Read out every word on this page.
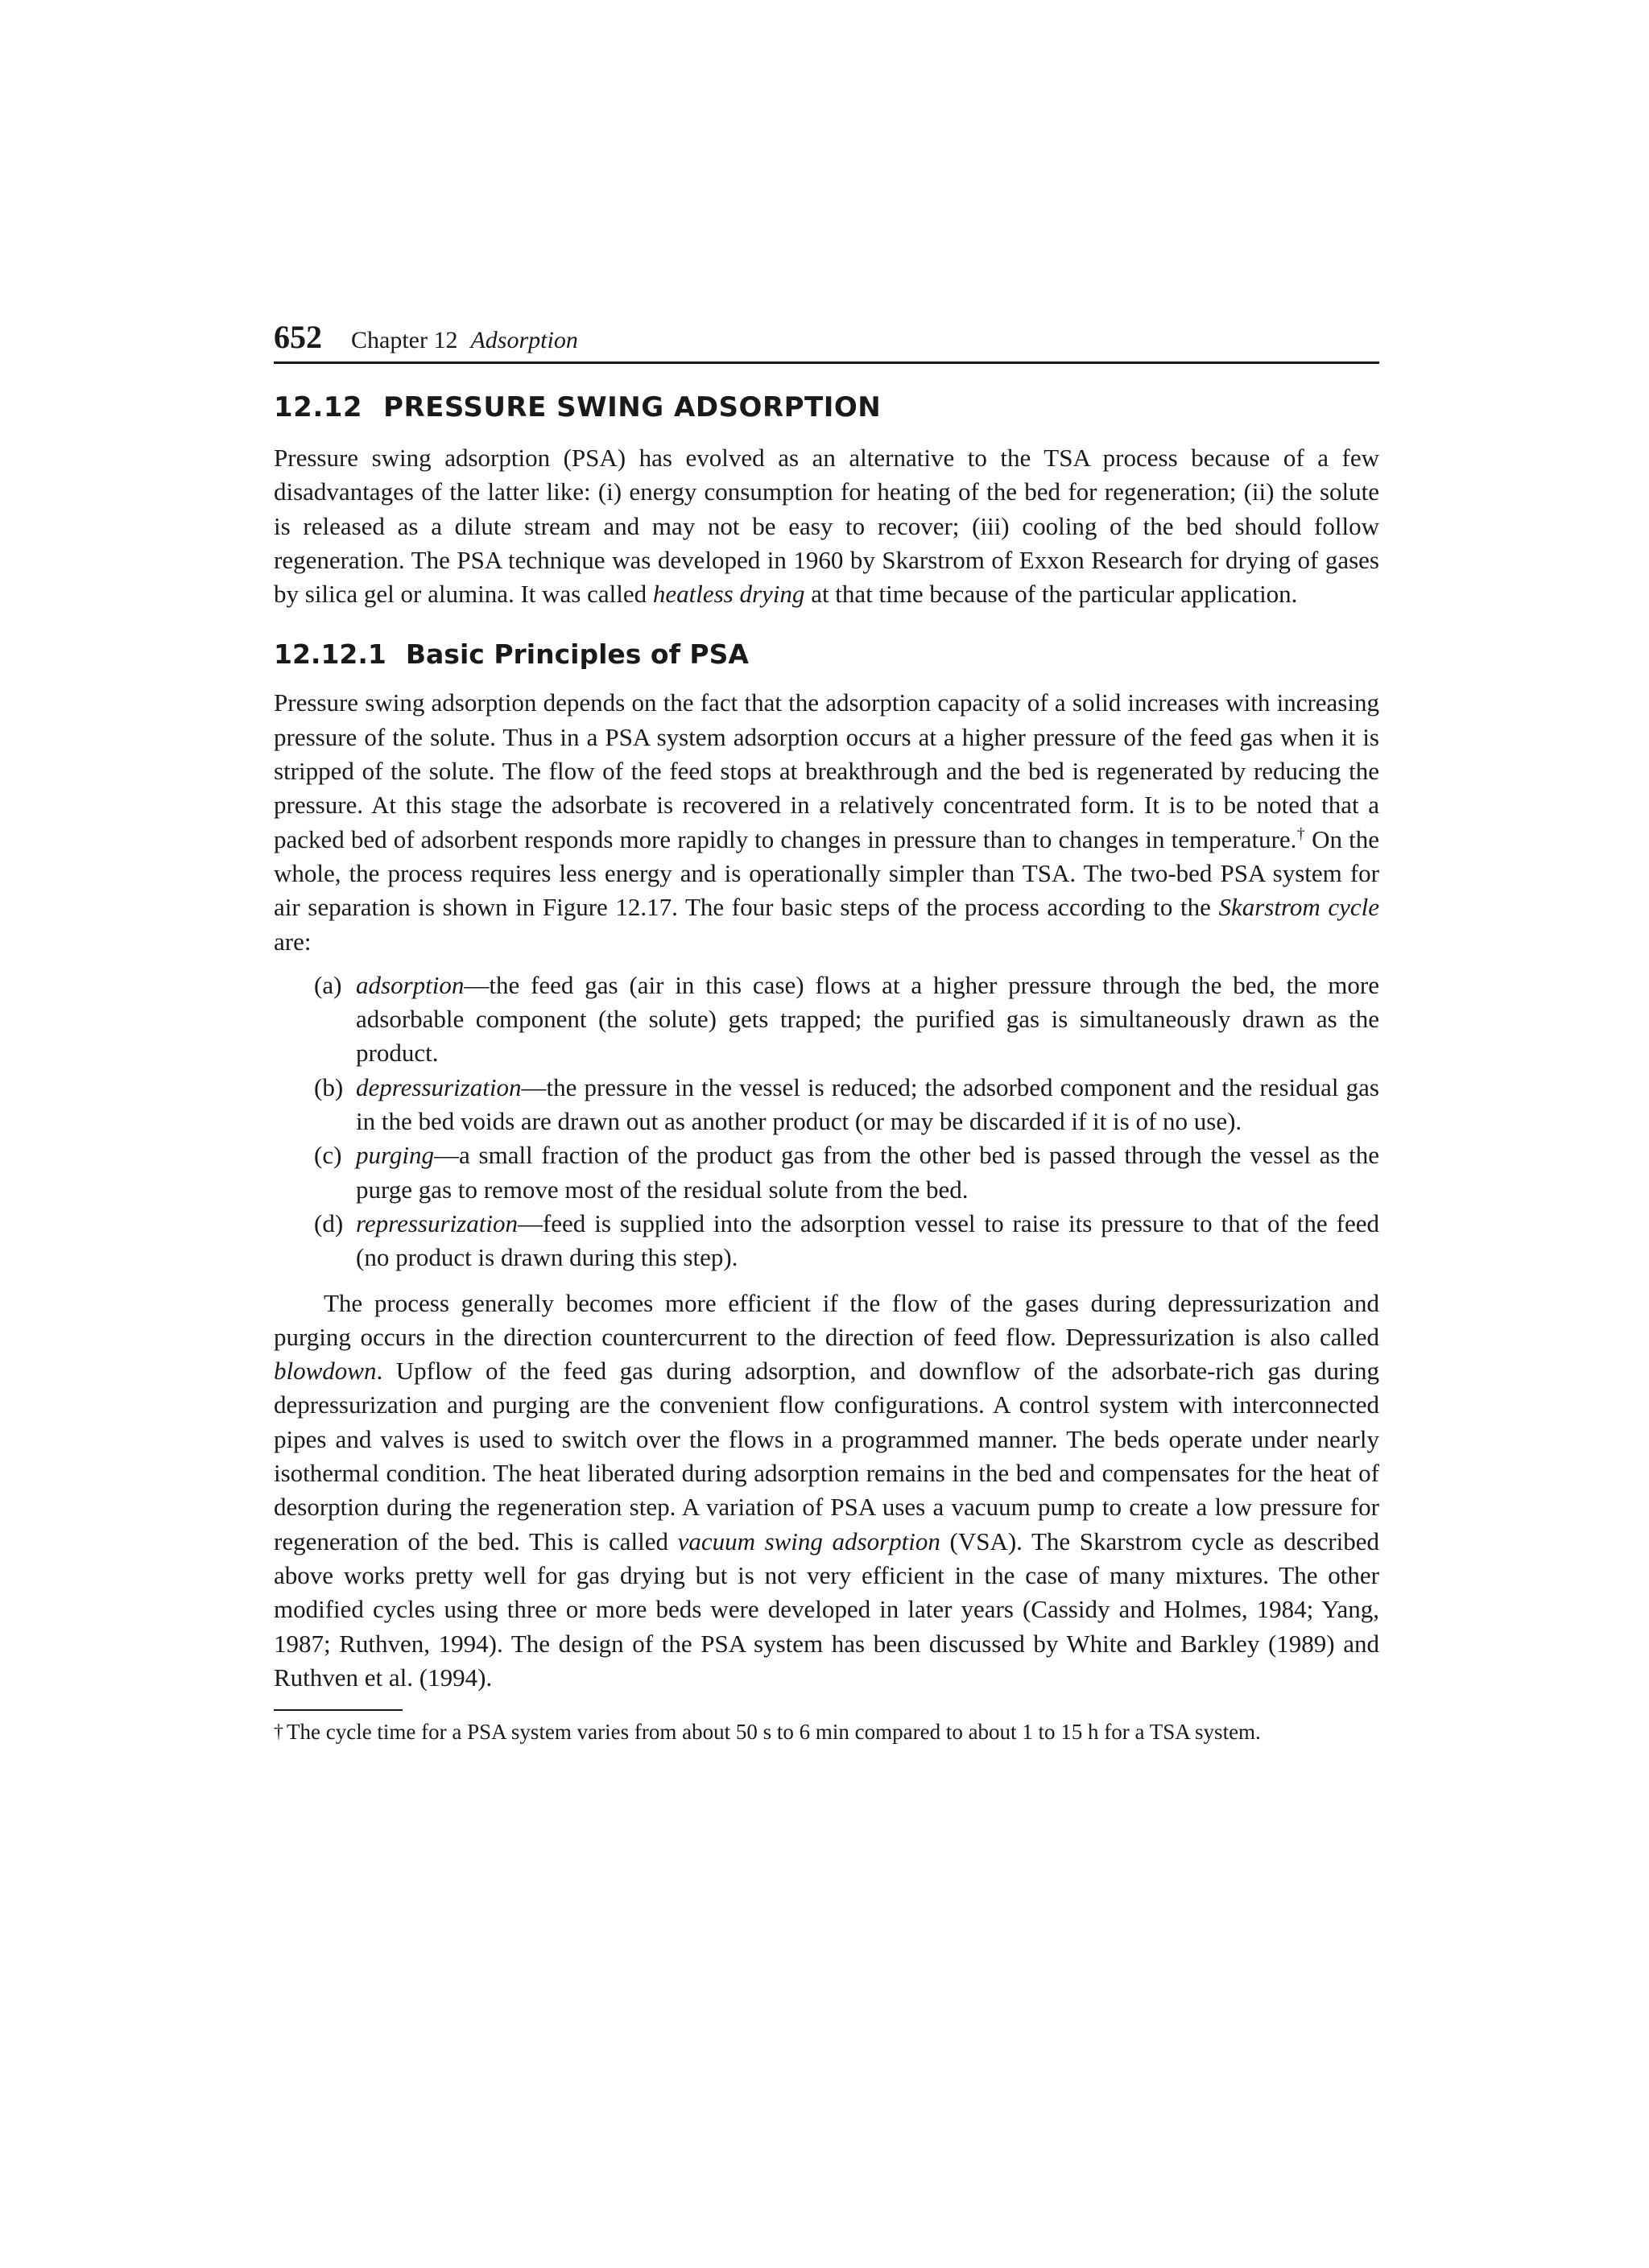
652 Chapter 12 Adsorption
12.12 PRESSURE SWING ADSORPTION

Pressure swing adsorption (PSA) has evolved as an alternative to the TSA process because of a few disadvantages of the latter like: (i) energy consumption for heating of the bed for regeneration; (ii) the solute is released as a dilute stream and may not be easy to recover; (iii) cooling of the bed should follow regeneration. The PSA technique was developed in 1960 by Skarstrom of Exxon Research for drying of gases by silica gel or alumina. It was called heatless drying at that time because of the particular application.

12.12.1 Basic Principles of PSA

Pressure swing adsorption depends on the fact that the adsorption capacity of a solid increases with increasing pressure of the solute. Thus in a PSA system adsorption occurs at a higher pressure of the feed gas when it is stripped of the solute. The flow of the feed stops at breakthrough and the bed is regenerated by reducing the pressure. At this stage the adsorbate is recovered in a relatively concentrated form. It is to be noted that a packed bed of adsorbent responds more rapidly to changes in pressure than to changes in temperature.† On the whole, the process requires less energy and is operationally simpler than TSA. The two-bed PSA system for air separation is shown in Figure 12.17. The four basic steps of the process according to the Skarstrom cycle are:

(a) adsorption—the feed gas (air in this case) flows at a higher pressure through the bed, the more adsorbable component (the solute) gets trapped; the purified gas is simultaneously drawn as the product.
(b) depressurization—the pressure in the vessel is reduced; the adsorbed component and the residual gas in the bed voids are drawn out as another product (or may be discarded if it is of no use).
(c) purging—a small fraction of the product gas from the other bed is passed through the vessel as the purge gas to remove most of the residual solute from the bed.
(d) repressurization—feed is supplied into the adsorption vessel to raise its pressure to that of the feed (no product is drawn during this step).

The process generally becomes more efficient if the flow of the gases during depressurization and purging occurs in the direction countercurrent to the direction of feed flow. Depressurization is also called blowdown. Upflow of the feed gas during adsorption, and downflow of the adsorbate-rich gas during depressurization and purging are the convenient flow configurations. A control system with interconnected pipes and valves is used to switch over the flows in a programmed manner. The beds operate under nearly isothermal condition. The heat liberated during adsorption remains in the bed and compensates for the heat of desorption during the regeneration step. A variation of PSA uses a vacuum pump to create a low pressure for regeneration of the bed. This is called vacuum swing adsorption (VSA). The Skarstrom cycle as described above works pretty well for gas drying but is not very efficient in the case of many mixtures. The other modified cycles using three or more beds were developed in later years (Cassidy and Holmes, 1984; Yang, 1987; Ruthven, 1994). The design of the PSA system has been discussed by White and Barkley (1989) and Ruthven et al. (1994).

† The cycle time for a PSA system varies from about 50 s to 6 min compared to about 1 to 15 h for a TSA system.
